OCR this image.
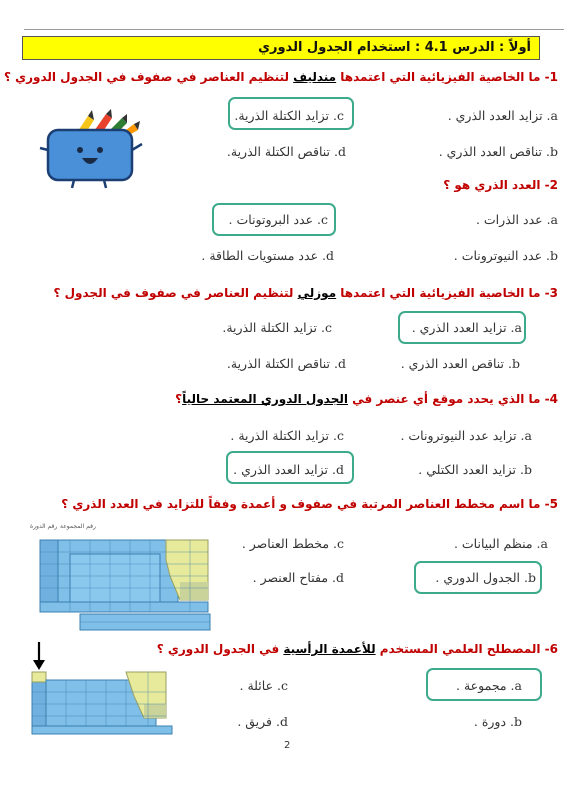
أولاً : الدرس 4.1 : استخدام الجدول الدوري
1- ما الخاصية الفيزيائية التي اعتمدها مندليف لتنظيم العناصر في صفوف في الجدول الدوري ؟
a. تزايد العدد الذري .
c. تزايد الكتلة الذرية.
b. تناقص العدد الذري .
d. تناقص الكتلة الذرية.
2- العدد الذري هو ؟
a. عدد الذرات .
c. عدد البروتونات .
b. عدد النيوترونات .
d. عدد مستويات الطاقة .
3- ما الخاصية الفيزيائية التي اعتمدها موزلي لتنظيم العناصر في صفوف في الجدول ؟
a. تزايد العدد الذري .
c. تزايد الكتلة الذرية.
b. تناقص العدد الذري .
d. تناقص الكتلة الذرية.
4- ما الذي يحدد موقع أي عنصر في الجدول الدوري المعتمد حالياً؟
a. تزايد عدد النيوترونات .
c. تزايد الكتلة الذرية .
b. تزايد العدد الكتلي .
d. تزايد العدد الذري .
5- ما اسم مخطط العناصر المرتبة في صفوف و أعمدة وفقاً للتزايد في العدد الذري ؟
a. منظم البيانات .
c. مخطط العناصر .
b. الجدول الدوري .
d. مفتاح العنصر .
رقم الدورة رقم المجموعة
6- المصطلح العلمي المستخدم للأعمدة الرأسية في الجدول الدوري ؟
a. مجموعة .
c. عائلة .
b. دورة .
d. فريق .
2
